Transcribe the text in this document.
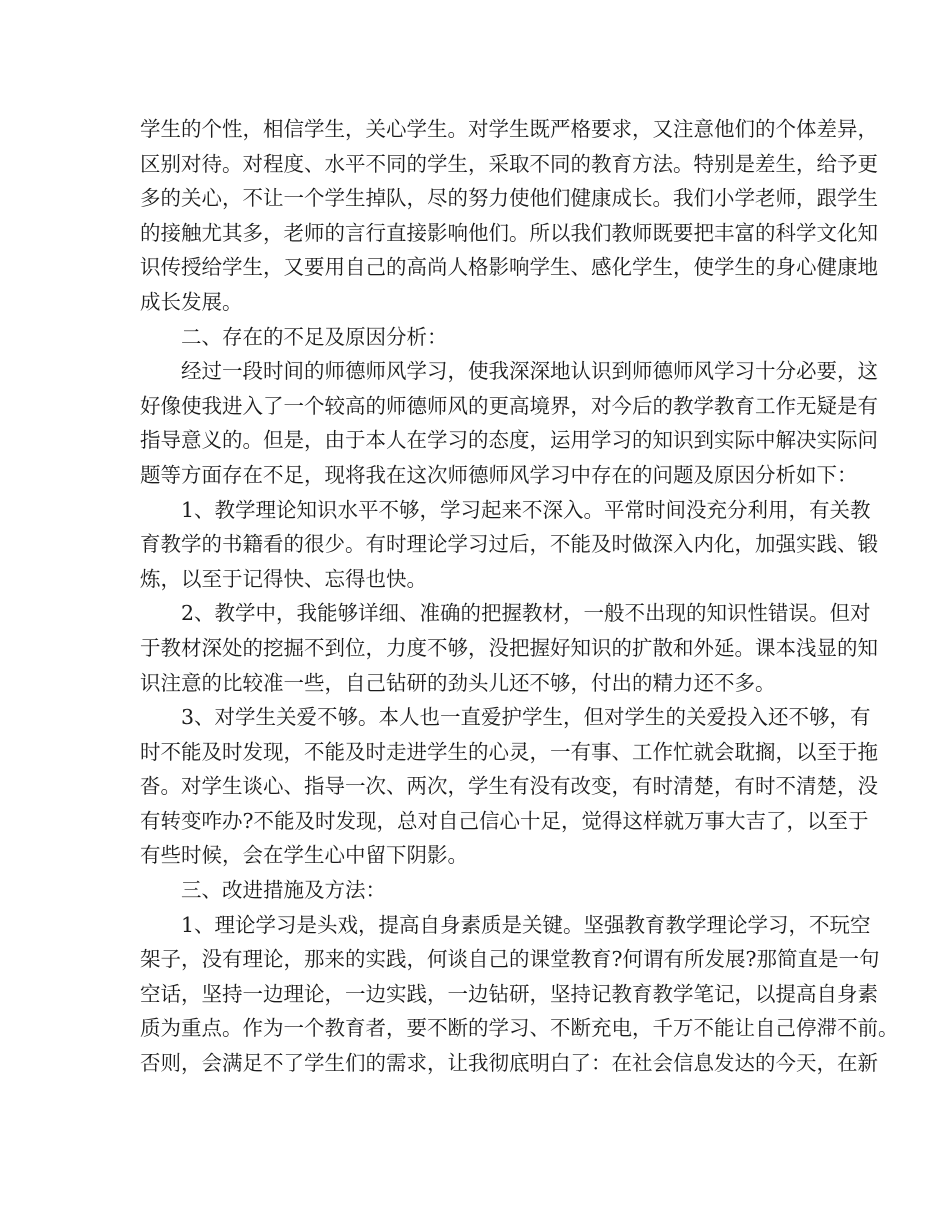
学生的个性，相信学生，关心学生。对学生既严格要求，又注意他们的个体差异，
区别对待。对程度、水平不同的学生，采取不同的教育方法。特别是差生，给予更
多的关心，不让一个学生掉队，尽的努力使他们健康成长。我们小学老师，跟学生
的接触尤其多，老师的言行直接影响他们。所以我们教师既要把丰富的科学文化知
识传授给学生，又要用自己的高尚人格影响学生、感化学生，使学生的身心健康地
成长发展。
二、存在的不足及原因分析：
经过一段时间的师德师风学习，使我深深地认识到师德师风学习十分必要，这
好像使我进入了一个较高的师德师风的更高境界，对今后的教学教育工作无疑是有
指导意义的。但是，由于本人在学习的态度，运用学习的知识到实际中解决实际问
题等方面存在不足，现将我在这次师德师风学习中存在的问题及原因分析如下：
1、教学理论知识水平不够，学习起来不深入。平常时间没充分利用，有关教
育教学的书籍看的很少。有时理论学习过后，不能及时做深入内化，加强实践、锻
炼，以至于记得快、忘得也快。
2、教学中，我能够详细、准确的把握教材，一般不出现的知识性错误。但对
于教材深处的挖掘不到位，力度不够，没把握好知识的扩散和外延。课本浅显的知
识注意的比较准一些，自己钻研的劲头儿还不够，付出的精力还不多。
3、对学生关爱不够。本人也一直爱护学生，但对学生的关爱投入还不够，有
时不能及时发现，不能及时走进学生的心灵，一有事、工作忙就会耽搁，以至于拖
沓。对学生谈心、指导一次、两次，学生有没有改变，有时清楚，有时不清楚，没
有转变咋办?不能及时发现，总对自己信心十足，觉得这样就万事大吉了，以至于
有些时候，会在学生心中留下阴影。
三、改进措施及方法：
1、理论学习是头戏，提高自身素质是关键。坚强教育教学理论学习，不玩空
架子，没有理论，那来的实践，何谈自己的课堂教育?何谓有所发展?那简直是一句
空话，坚持一边理论，一边实践，一边钻研，坚持记教育教学笔记，以提高自身素
质为重点。作为一个教育者，要不断的学习、不断充电，千万不能让自己停滞不前。
否则，会满足不了学生们的需求，让我彻底明白了：在社会信息发达的今天，在新
